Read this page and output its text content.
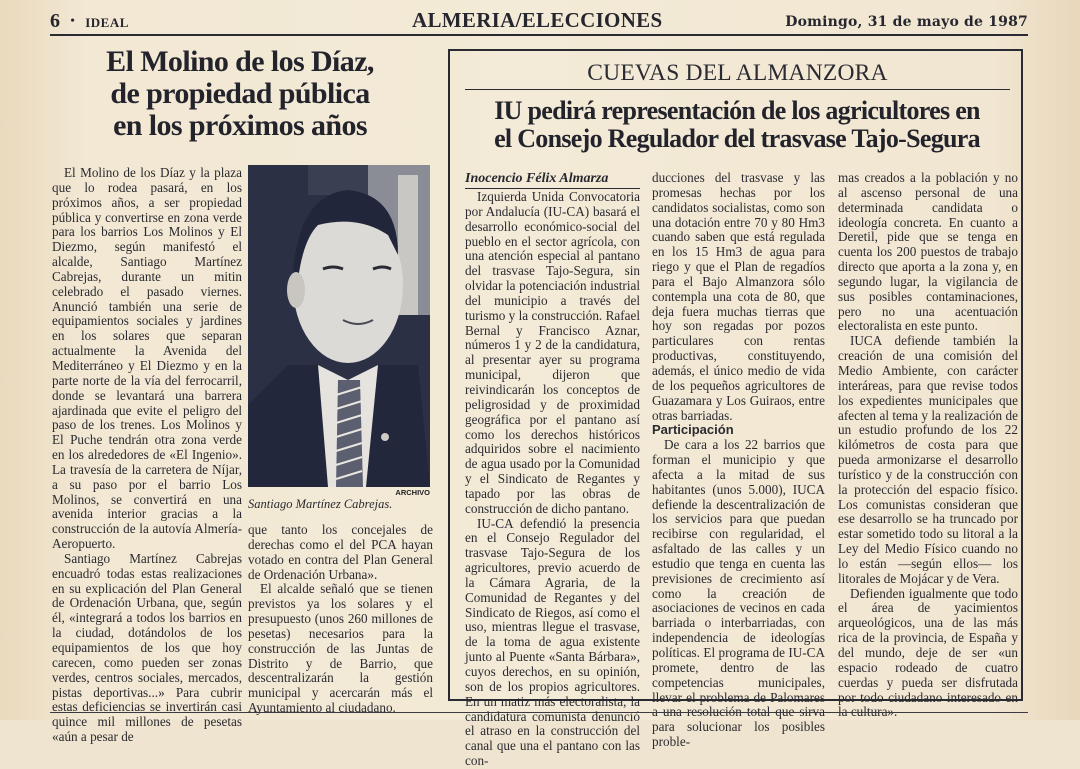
6 • IDEAL	ALMERIA/ELECCIONES	Domingo, 31 de mayo de 1987
El Molino de los Díaz,
de propiedad pública
en los próximos años

El Molino de los Díaz y la plaza que lo rodea pasará, en los próximos años, a ser propiedad pública y convertirse en zona verde para los barrios Los Molinos y El Diezmo, según manifestó el alcalde, Santiago Martínez Cabrejas, durante un mitin celebrado el pasado viernes. Anunció también una serie de equipamientos sociales y jardines en los solares que separan actualmente la Avenida del Mediterráneo y El Diezmo y en la parte norte de la vía del ferrocarril, donde se levantará una barrera ajardinada que evite el peligro del paso de los trenes. Los Molinos y El Puche tendrán otra zona verde en los alrededores de «El Ingenio». La travesía de la carretera de Níjar, a su paso por el barrio Los Molinos, se convertirá en una avenida interior gracias a la construcción de la autovía Almería-Aeropuerto.

Santiago Martínez Cabrejas encuadró todas estas realizaciones en su explicación del Plan General de Ordenación Urbana, que, según él, «integrará a todos los barrios en la ciudad, dotándolos de los equipamientos de los que hoy carecen, como pueden ser zonas verdes, centros sociales, mercados, pistas deportivas...» Para cubrir estas deficiencias se invertirán casi quince mil millones de pesetas «aún a pesar de

ARCHIVO
Santiago Martínez Cabrejas.

que tanto los concejales de derechas como el del PCA hayan votado en contra del Plan General de Ordenación Urbana».

El alcalde señaló que se tienen previstos ya los solares y el presupuesto (unos 260 millones de pesetas) necesarios para la construcción de las Juntas de Distrito y de Barrio, que descentralizarán la gestión municipal y acercarán más el Ayuntamiento al ciudadano.

CUEVAS DEL ALMANZORA
IU pedirá representación de los agricultores en
el Consejo Regulador del trasvase Tajo-Segura
Inocencio Félix Almarza

Izquierda Unida Convocatoria por Andalucía (IU-CA) basará el desarrollo económico-social del pueblo en el sector agrícola, con una atención especial al pantano del trasvase Tajo-Segura, sin olvidar la potenciación industrial del municipio a través del turismo y la construcción. Rafael Bernal y Francisco Aznar, números 1 y 2 de la candidatura, al presentar ayer su programa municipal, dijeron que reivindicarán los conceptos de peligrosidad y de proximidad geográfica por el pantano así como los derechos históricos adquiridos sobre el nacimiento de agua usado por la Comunidad y el Sindicato de Regantes y tapado por las obras de construcción de dicho pantano.

IU-CA defendió la presencia en el Consejo Regulador del trasvase Tajo-Segura de los agricultores, previo acuerdo de la Cámara Agraria, de la Comunidad de Regantes y del Sindicato de Riegos, así como el uso, mientras llegue el trasvase, de la toma de agua existente junto al Puente «Santa Bárbara», cuyos derechos, en su opinión, son de los propios agricultores. En un matiz más electoralista, la candidatura comunista denunció el atraso en la construcción del canal que una el pantano con las con-

ducciones del trasvase y las promesas hechas por los candidatos socialistas, como son una dotación entre 70 y 80 Hm3 cuando saben que está regulada en los 15 Hm3 de agua para riego y que el Plan de regadíos para el Bajo Almanzora sólo contempla una cota de 80, que deja fuera muchas tierras que hoy son regadas por pozos particulares con rentas productivas, constituyendo, además, el único medio de vida de los pequeños agricultores de Guazamara y Los Guiraos, entre otras barriadas.

Participación

De cara a los 22 barrios que forman el municipio y que afecta a la mitad de sus habitantes (unos 5.000), IUCA defiende la descentralización de los servicios para que puedan recibirse con regularidad, el asfaltado de las calles y un estudio que tenga en cuenta las previsiones de crecimiento así como la creación de asociaciones de vecinos en cada barriada o interbarriadas, con independencia de ideologías políticas. El programa de IU-CA promete, dentro de las competencias municipales, llevar el problema de Palomares a una resolución total que sirva para solucionar los posibles proble-

mas creados a la población y no al ascenso personal de una determinada candidata o ideología concreta. En cuanto a Deretil, pide que se tenga en cuenta los 200 puestos de trabajo directo que aporta a la zona y, en segundo lugar, la vigilancia de sus posibles contaminaciones, pero no una acentuación electoralista en este punto.

IUCA defiende también la creación de una comisión del Medio Ambiente, con carácter interáreas, para que revise todos los expedientes municipales que afecten al tema y la realización de un estudio profundo de los 22 kilómetros de costa para que pueda armonizarse el desarrollo turístico y de la construcción con la protección del espacio físico. Los comunistas consideran que ese desarrollo se ha truncado por estar sometido todo su litoral a la Ley del Medio Físico cuando no lo están —según ellos— los litorales de Mojácar y de Vera.

Defienden igualmente que todo el área de yacimientos arqueológicos, una de las más rica de la provincia, de España y del mundo, deje de ser «un espacio rodeado de cuatro cuerdas y pueda ser disfrutada por todo ciudadano interesado en la cultura».
